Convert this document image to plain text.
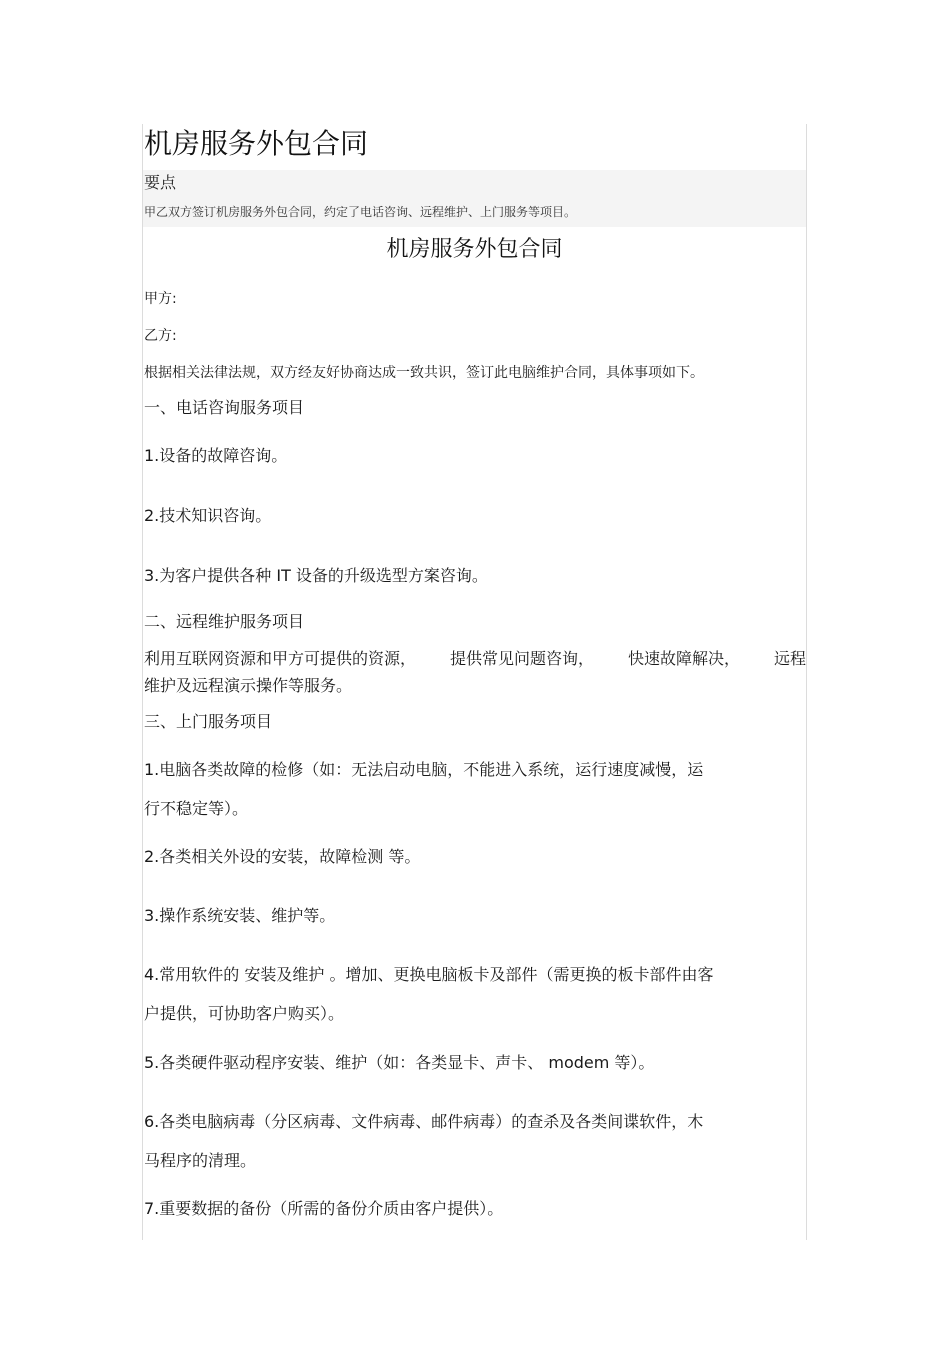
机房服务外包合同
要点
甲乙双方签订机房服务外包合同，约定了电话咨询、远程维护、上门服务等项目。
机房服务外包合同
甲方:
乙方:
根据相关法律法规，双方经友好协商达成一致共识，签订此电脑维护合同，具体事项如下。
一、电话咨询服务项目
1.设备的故障咨询。
2.技术知识咨询。
3.为客户提供各种 IT 设备的升级选型方案咨询。
二、远程维护服务项目
利用互联网资源和甲方可提供的资源， 提供常见问题咨询， 快速故障解决， 远程
维护及远程演示操作等服务。
三、上门服务项目
1.电脑各类故障的检修（如：无法启动电脑，不能进入系统，运行速度减慢，运
行不稳定等）。
2.各类相关外设的安装，故障检测 等。
3.操作系统安装、维护等。
4.常用软件的 安装及维护 。增加、更换电脑板卡及部件（需更换的板卡部件由客
户提供，可协助客户购买）。
5.各类硬件驱动程序安装、维护（如：各类显卡、声卡、 modem 等）。
6.各类电脑病毒（分区病毒、文件病毒、邮件病毒）的查杀及各类间谍软件，木
马程序的清理。
7.重要数据的备份（所需的备份介质由客户提供）。
